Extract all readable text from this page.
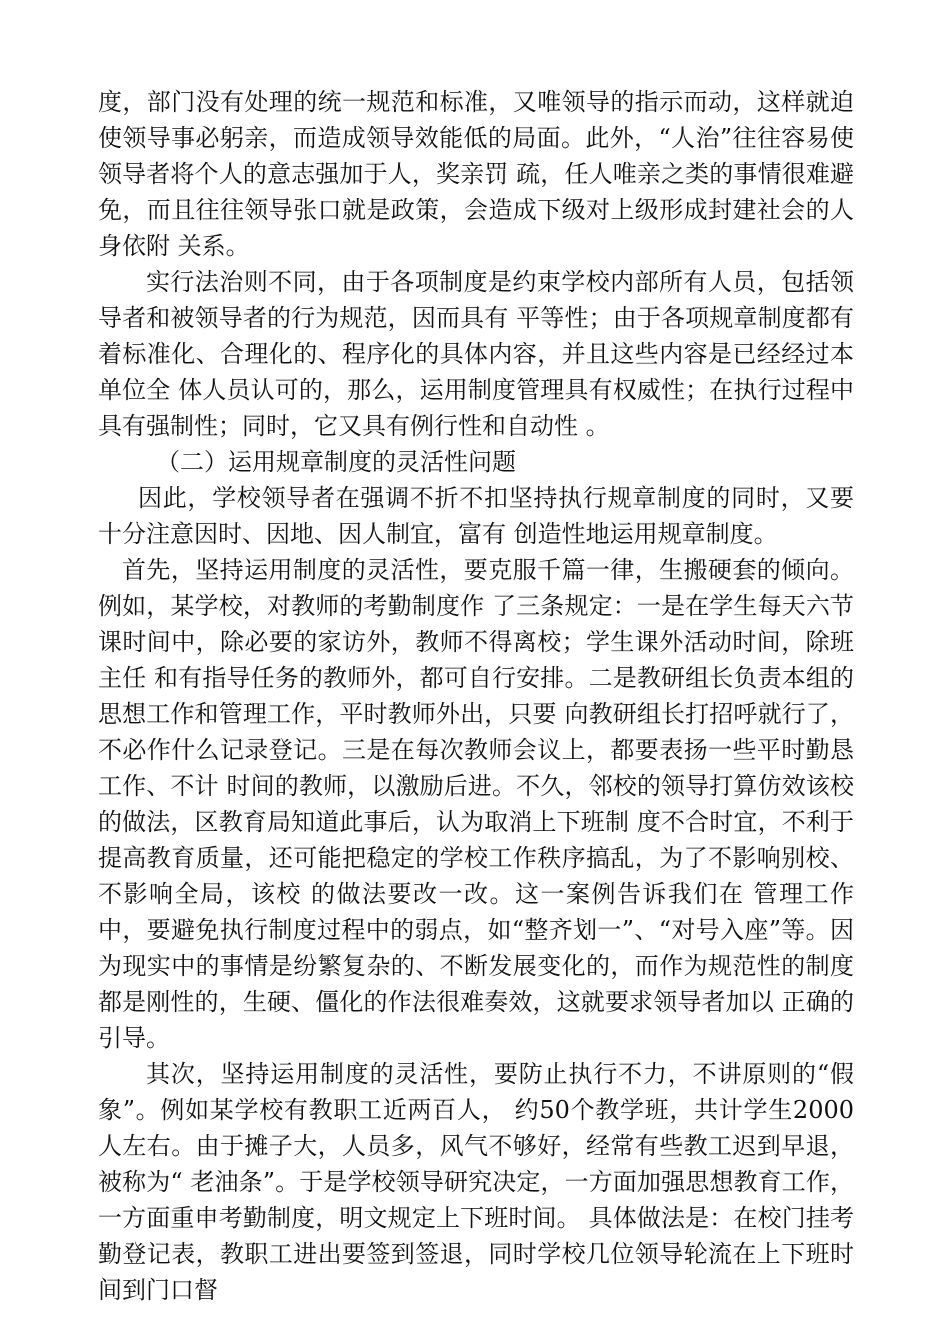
度，部门没有处理的统一规范和标准，又唯领导的指示而动，这样就迫使领导事必躬亲，而造成领导效能低的局面。此外，“人治”往往容易使领导者将个人的意志强加于人，奖亲罚 疏，任人唯亲之类的事情很难避免，而且往往领导张口就是政策，会造成下级对上级形成封建社会的人身依附 关系。

实行法治则不同，由于各项制度是约束学校内部所有人员，包括领导者和被领导者的行为规范，因而具有 平等性；由于各项规章制度都有着标准化、合理化的、程序化的具体内容，并且这些内容是已经经过本单位全 体人员认可的，那么，运用制度管理具有权威性；在执行过程中具有强制性；同时，它又具有例行性和自动性 。

（二）运用规章制度的灵活性问题

因此，学校领导者在强调不折不扣坚持执行规章制度的同时，又要十分注意因时、因地、因人制宜，富有 创造性地运用规章制度。

首先，坚持运用制度的灵活性，要克服千篇一律，生搬硬套的倾向。例如，某学校，对教师的考勤制度作 了三条规定：一是在学生每天六节课时间中，除必要的家访外，教师不得离校；学生课外活动时间，除班主任 和有指导任务的教师外，都可自行安排。二是教研组长负责本组的思想工作和管理工作，平时教师外出，只要 向教研组长打招呼就行了，不必作什么记录登记。三是在每次教师会议上，都要表扬一些平时勤恳工作、不计 时间的教师，以激励后进。不久，邻校的领导打算仿效该校的做法，区教育局知道此事后，认为取消上下班制 度不合时宜，不利于提高教育质量，还可能把稳定的学校工作秩序搞乱，为了不影响别校、不影响全局，该校 的做法要改一改。这一案例告诉我们在 管理工作中，要避免执行制度过程中的弱点，如“整齐划一”、“对号入座”等。因为现实中的事情是纷繁复杂的、不断发展变化的，而作为规范性的制度都是刚性的，生硬、僵化的作法很难奏效，这就要求领导者加以 正确的引导。

其次，坚持运用制度的灵活性，要防止执行不力，不讲原则的“假象”。例如某学校有教职工近两百人， 约50个教学班，共计学生2000人左右。由于摊子大，人员多，风气不够好，经常有些教工迟到早退，被称为“ 老油条”。于是学校领导研究决定，一方面加强思想教育工作，一方面重申考勤制度，明文规定上下班时间。 具体做法是：在校门挂考勤登记表，教职工进出要签到签退，同时学校几位领导轮流在上下班时间到门口督
